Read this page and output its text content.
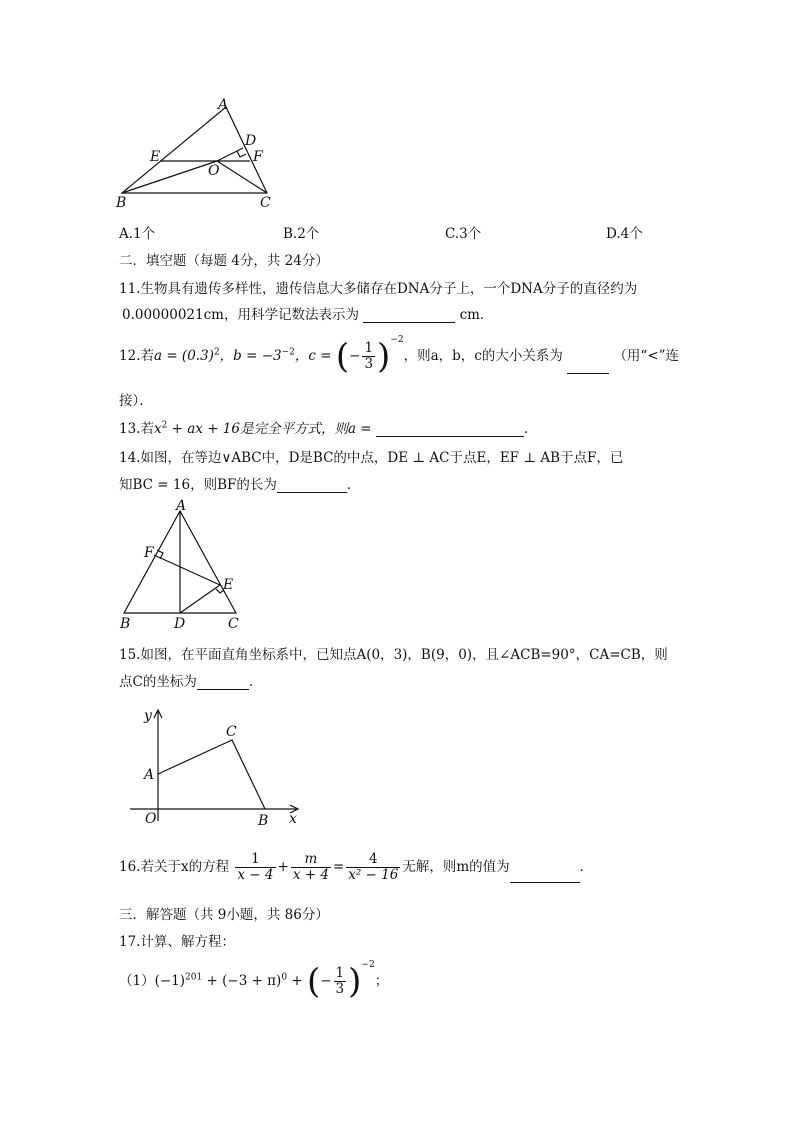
A
D
E	F
O
B	C
A.1个	B.2个	C.3个	D.4个
二．填空题（每题 4分，共 24分）
11.生物具有遗传多样性，遗传信息大多储存在DNA分子上，一个DNA分子的直径约为
0.00000021cm，用科学记数法表示为	cm．
12.若$a = (0.3)^2$，$b = -3^{-2}$，c = (− $\frac{1}{3} )^{-2}$，则a，b，c的大小关系为	（用“<”连
接）．
13.若$x^2$ + ax + 16是完全平方式，则a =	．
14.如图，在等边∨ABC中，D是BC的中点，DE ⊥ AC于点E，EF ⊥ AB于点F，已
知BC = 16，则BF的长为	．
A
F
E
B	D	C
15.如图，在平面直角坐标系中，已知点A(0，3)，B(9，0)，且∠ACB=90°，CA=CB，则
点C的坐标为	．
y
x
O
A
B
C
16.若关于x的方程 $\frac{1}{x - 4} + \frac{m}{x + 4} = \frac{4}{\text{x² − 16}}$ 无解，则m的值为	．
三．解答题（共 9小题，共 86分）
17.计算、解方程：
$(1)(-1)^{201} + (-3 + \pi)^0$ + (− $\frac{1}{3} )^{-2}$；
